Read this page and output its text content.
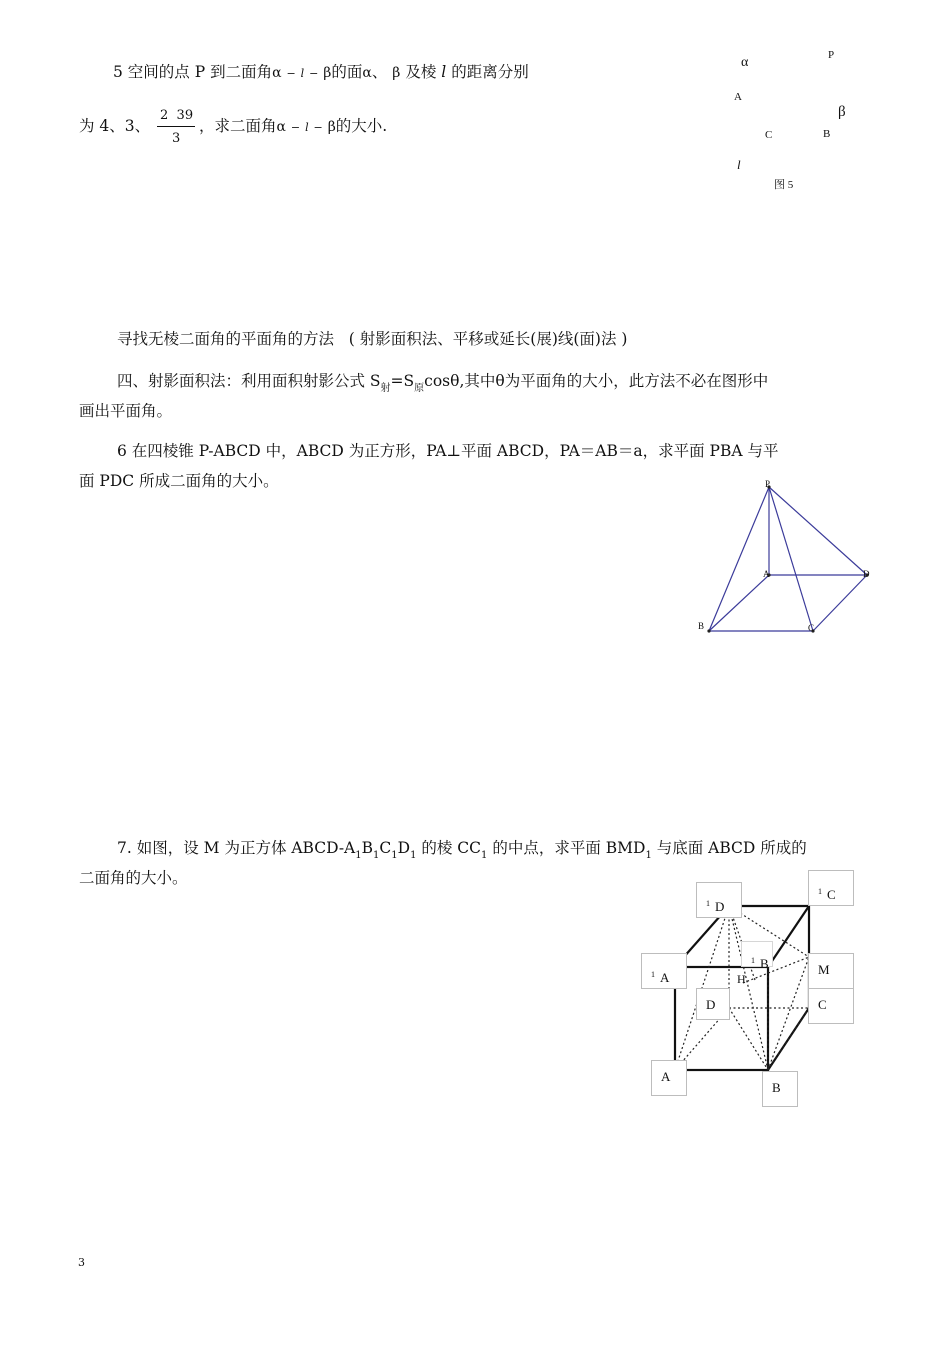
5 空间的点 P 到二面角α − l − β的面α、 β 及棱 l 的距离分别
为 4、3、
2 39
3
，求二面角α − l − β的大小.
α	P
A
β
C	B
l
图 5
寻找无棱二面角的平面角的方法 ( 射影面积法、平移或延长(展)线(面)法 )
四、射影面积法：利用面积射影公式 $S_射=S_原\cos\theta$,其中θ为平面角的大小，此方法不必在图形中
画出平面角。
6 在四棱锥 P-ABCD 中，ABCD 为正方形，PA⊥平面 ABCD，PA＝AB＝a，求平面 PBA 与平
面 PDC 所成二面角的大小。	P
A	D
B	C
7. 如图，设 M 为正方体 ABCD-$A_1B_1C_1D_1$ 的棱 $CC_1$ 的中点，求平面 $BMD_1$ 与底面 ABCD 所成的
二面角的大小。
D
$_1$
C
$_1$
A
$_1$
B
$_1$
M
D	C
A
B
H
3
